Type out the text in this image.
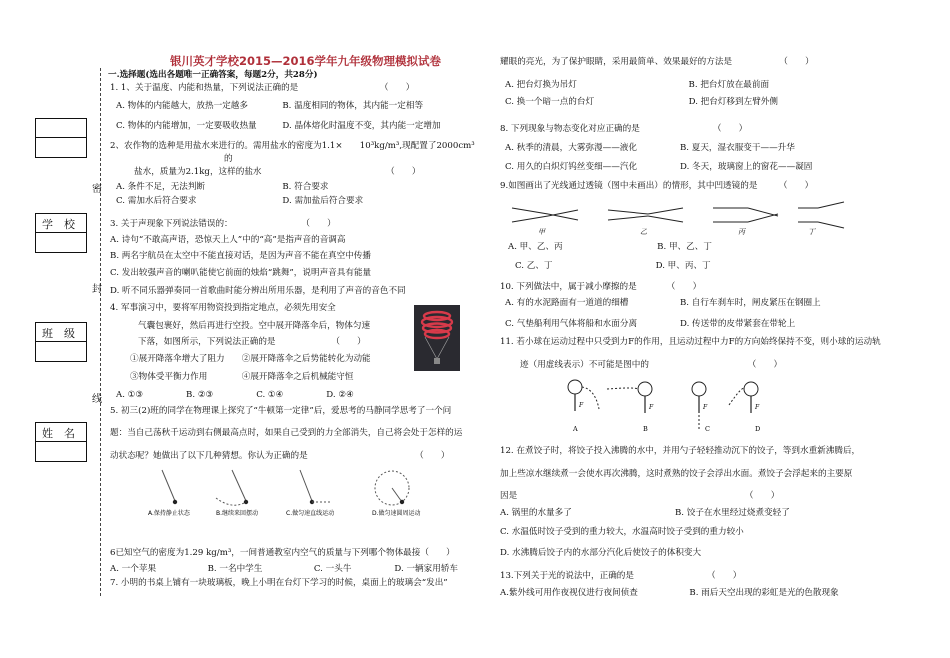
银川英才学校2015—2016学年九年级物理模拟试卷
学　校
班　级
姓　名
密
封
线
一.选择题(选出各题唯一正确答案，每题2分，共28分)
1. 1、关于温度、内能和热量，下列说法正确的是　　　　　　　　　　（　　）
A. 物体的内能越大，放热一定越多　　　　B. 温度相同的物体，其内能一定相等
C. 物体的内能增加，一定要吸收热量　　　D. 晶体熔化时温度不变，其内能一定增加
2、农作物的选种是用盐水来进行的。需用盐水的密度为1.1×　　10³kg/m³,现配置了2000cm³
的
盐水，质量为2.1kg，这样的盐水　　　　　　　　　　　　　　　（　　）
A. 条件不足，无法判断　　　　　　　　　B. 符合要求
C. 需加水后符合要求　　　　　　　　　　D. 需加盐后符合要求
3. 关于声现象下列说法错误的：　　　　　　　　　（　　）
A. 诗句“不敢高声语，恐惊天上人”中的“高”是指声音的音调高
B. 两名宇航员在太空中不能直接对话，是因为声音不能在真空中传播
C. 发出较强声音的喇叭能使它前面的烛焰“跳舞”，说明声音具有能量
D. 听不同乐器弹奏同一首歌曲时能分辨出所用乐器，是利用了声音的音色不同
4. 军事演习中，要将军用物资投到指定地点，必须先用安全
气囊包裹好，然后再进行空投。空中展开降落伞后，物体匀速
下落，如图所示，下列说法正确的是　　　　　　　（　　）
①展开降落伞增大了阻力　　②展开降落伞之后势能转化为动能
③物体受平衡力作用　　　　④展开降落伞之后机械能守恒
A. ①③　　　　　B. ②③　　　　　C. ①④　　　　　D. ②④
5. 初三(2)班的同学在物理课上探究了“牛顿第一定律”后，爱思考的马静同学思考了一个问
题：当自己荡秋千运动到右侧最高点时，如果自己受到的力全部消失，自己将会处于怎样的运
动状态呢？她做出了以下几种猜想。你认为正确的是　　　　　　　　　　　　　（　　）
6已知空气的密度为1.29 kg/m³，一间普通教室内空气的质量与下列哪个物体最接（　　）
A. 一个苹果　　　　　　B. 一名中学生　　　　　　C. 一头牛　　　　　D. 一辆家用轿车
7. 小明的书桌上铺有一块玻璃板，晚上小明在台灯下学习的时候，桌面上的玻璃会“发出”
耀眼的亮光，为了保护眼睛，采用最简单、效果最好的方法是　　　　　　（　　）
A. 把台灯换为吊灯　　　　　　　　　　　　　B. 把台灯放在最前面
C. 换一个暗一点的台灯　　　　　　　　　　　D. 把台灯移到左臂外侧
8. 下列现象与物态变化对应正确的是　　　　　　　　　（　　）
A. 秋季的清晨，大雾弥漫——液化　　　　　B. 夏天，湿衣服变干——升华
C. 用久的白炽灯钨丝变细——汽化　　　　　D. 冬天，玻璃窗上的窗花——凝固
9.如图画出了光线通过透镜（图中未画出）的情形，其中凹透镜的是　　　（　　）
A. 甲、乙、丙　　　　　　　　　　　B. 甲、乙、丁
C. 乙、丁　　　　　　　　　　　　D. 甲、丙、丁
10. 下列做法中，属于减小摩擦的是　　　　（　　）
A. 有的水泥路面有一道道的细槽　　　　　　B. 自行车刹车时，闸皮紧压在钢圈上
C. 气垫船利用气体将船和水面分离　　　　　D. 传送带的皮带紧套在带轮上
11. 若小球在运动过程中只受到力F的作用，且运动过程中力F的方向始终保持不变，则小球的运动轨
迹（用虚线表示）不可能是图中的　　　　　　　　　　　　（　　）
12. 在煮饺子时，将饺子投入沸腾的水中，并用勺子轻轻推动沉下的饺子，等到水重新沸腾后，
加上些凉水继续煮一会使水再次沸腾，这时煮熟的饺子会浮出水面。煮饺子会浮起来的主要原
因是　　　　　　　　　　　　　　　　　　　　　　　　　　　（　　）
A. 锅里的水量多了　　　　　　　　　　　　B. 饺子在水里经过烧煮变轻了
C. 水温低时饺子受到的重力较大，水温高时饺子受到的重力较小
D. 水沸腾后饺子内的水部分汽化后使饺子的体积变大
13.下列关于光的说法中，正确的是　　　　　　　　　（　　）
A.紫外线可用作夜视仪进行夜间侦查　　　　　　B. 雨后天空出现的彩虹是光的色散现象
A.保持静止状态	B.继续来回摆动	C.做匀速直线运动	D.做匀速圆周运动
甲	乙	丙	丁
F	F	F	F
A	B	C	D
